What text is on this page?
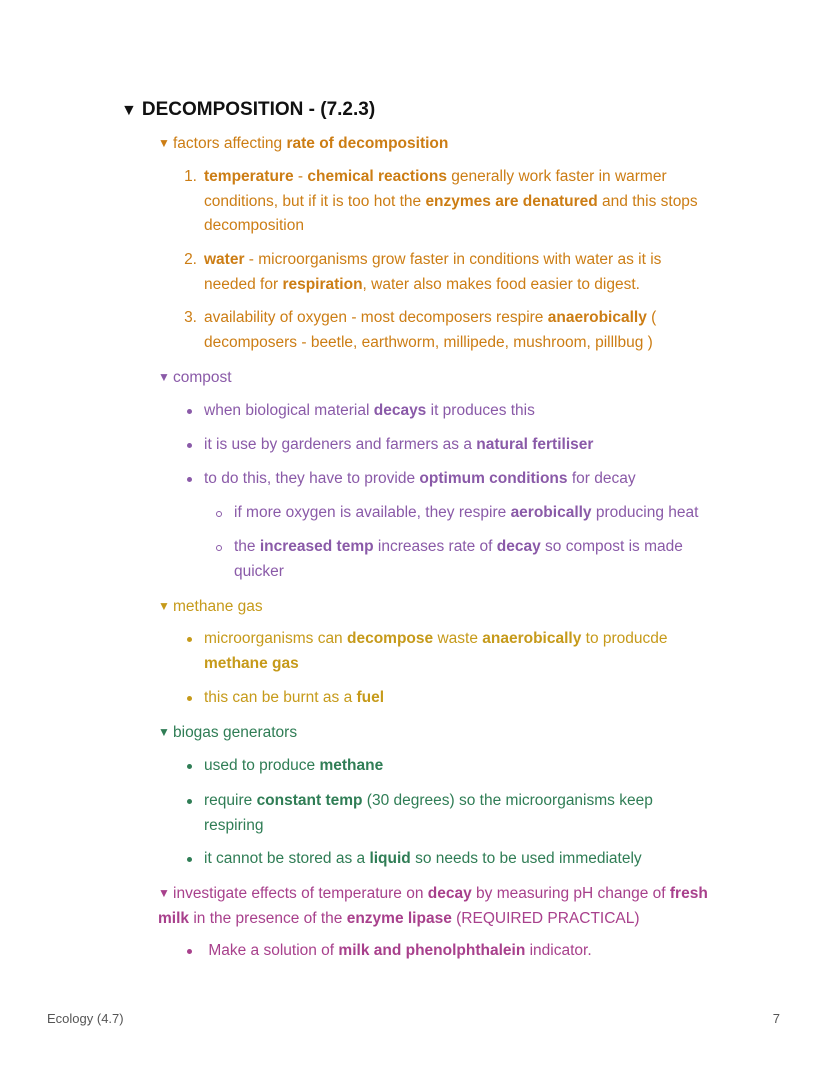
▼ DECOMPOSITION - (7.2.3)
▼ factors affecting rate of decomposition
1. temperature - chemical reactions generally work faster in warmer conditions, but if it is too hot the enzymes are denatured and this stops decomposition
2. water - microorganisms grow faster in conditions with water as it is needed for respiration, water also makes food easier to digest.
3. availability of oxygen - most decomposers respire anaerobically ( decomposers - beetle, earthworm, millipede, mushroom, pilllbug )
▼ compost
when biological material decays it produces this
it is use by gardeners and farmers as a natural fertiliser
to do this, they have to provide optimum conditions for decay
if more oxygen is available, they respire aerobically producing heat
the increased temp increases rate of decay so compost is made quicker
▼ methane gas
microorganisms can decompose waste anaerobically to producde methane gas
this can be burnt as a fuel
▼ biogas generators
used to produce methane
require constant temp (30 degrees) so the microorganisms keep respiring
it cannot be stored as a liquid so needs to be used immediately
▼ investigate effects of temperature on decay by measuring pH change of fresh milk in the presence of the enzyme lipase (REQUIRED PRACTICAL)
Make a solution of milk and phenolphthalein indicator.
Ecology (4.7)	7
